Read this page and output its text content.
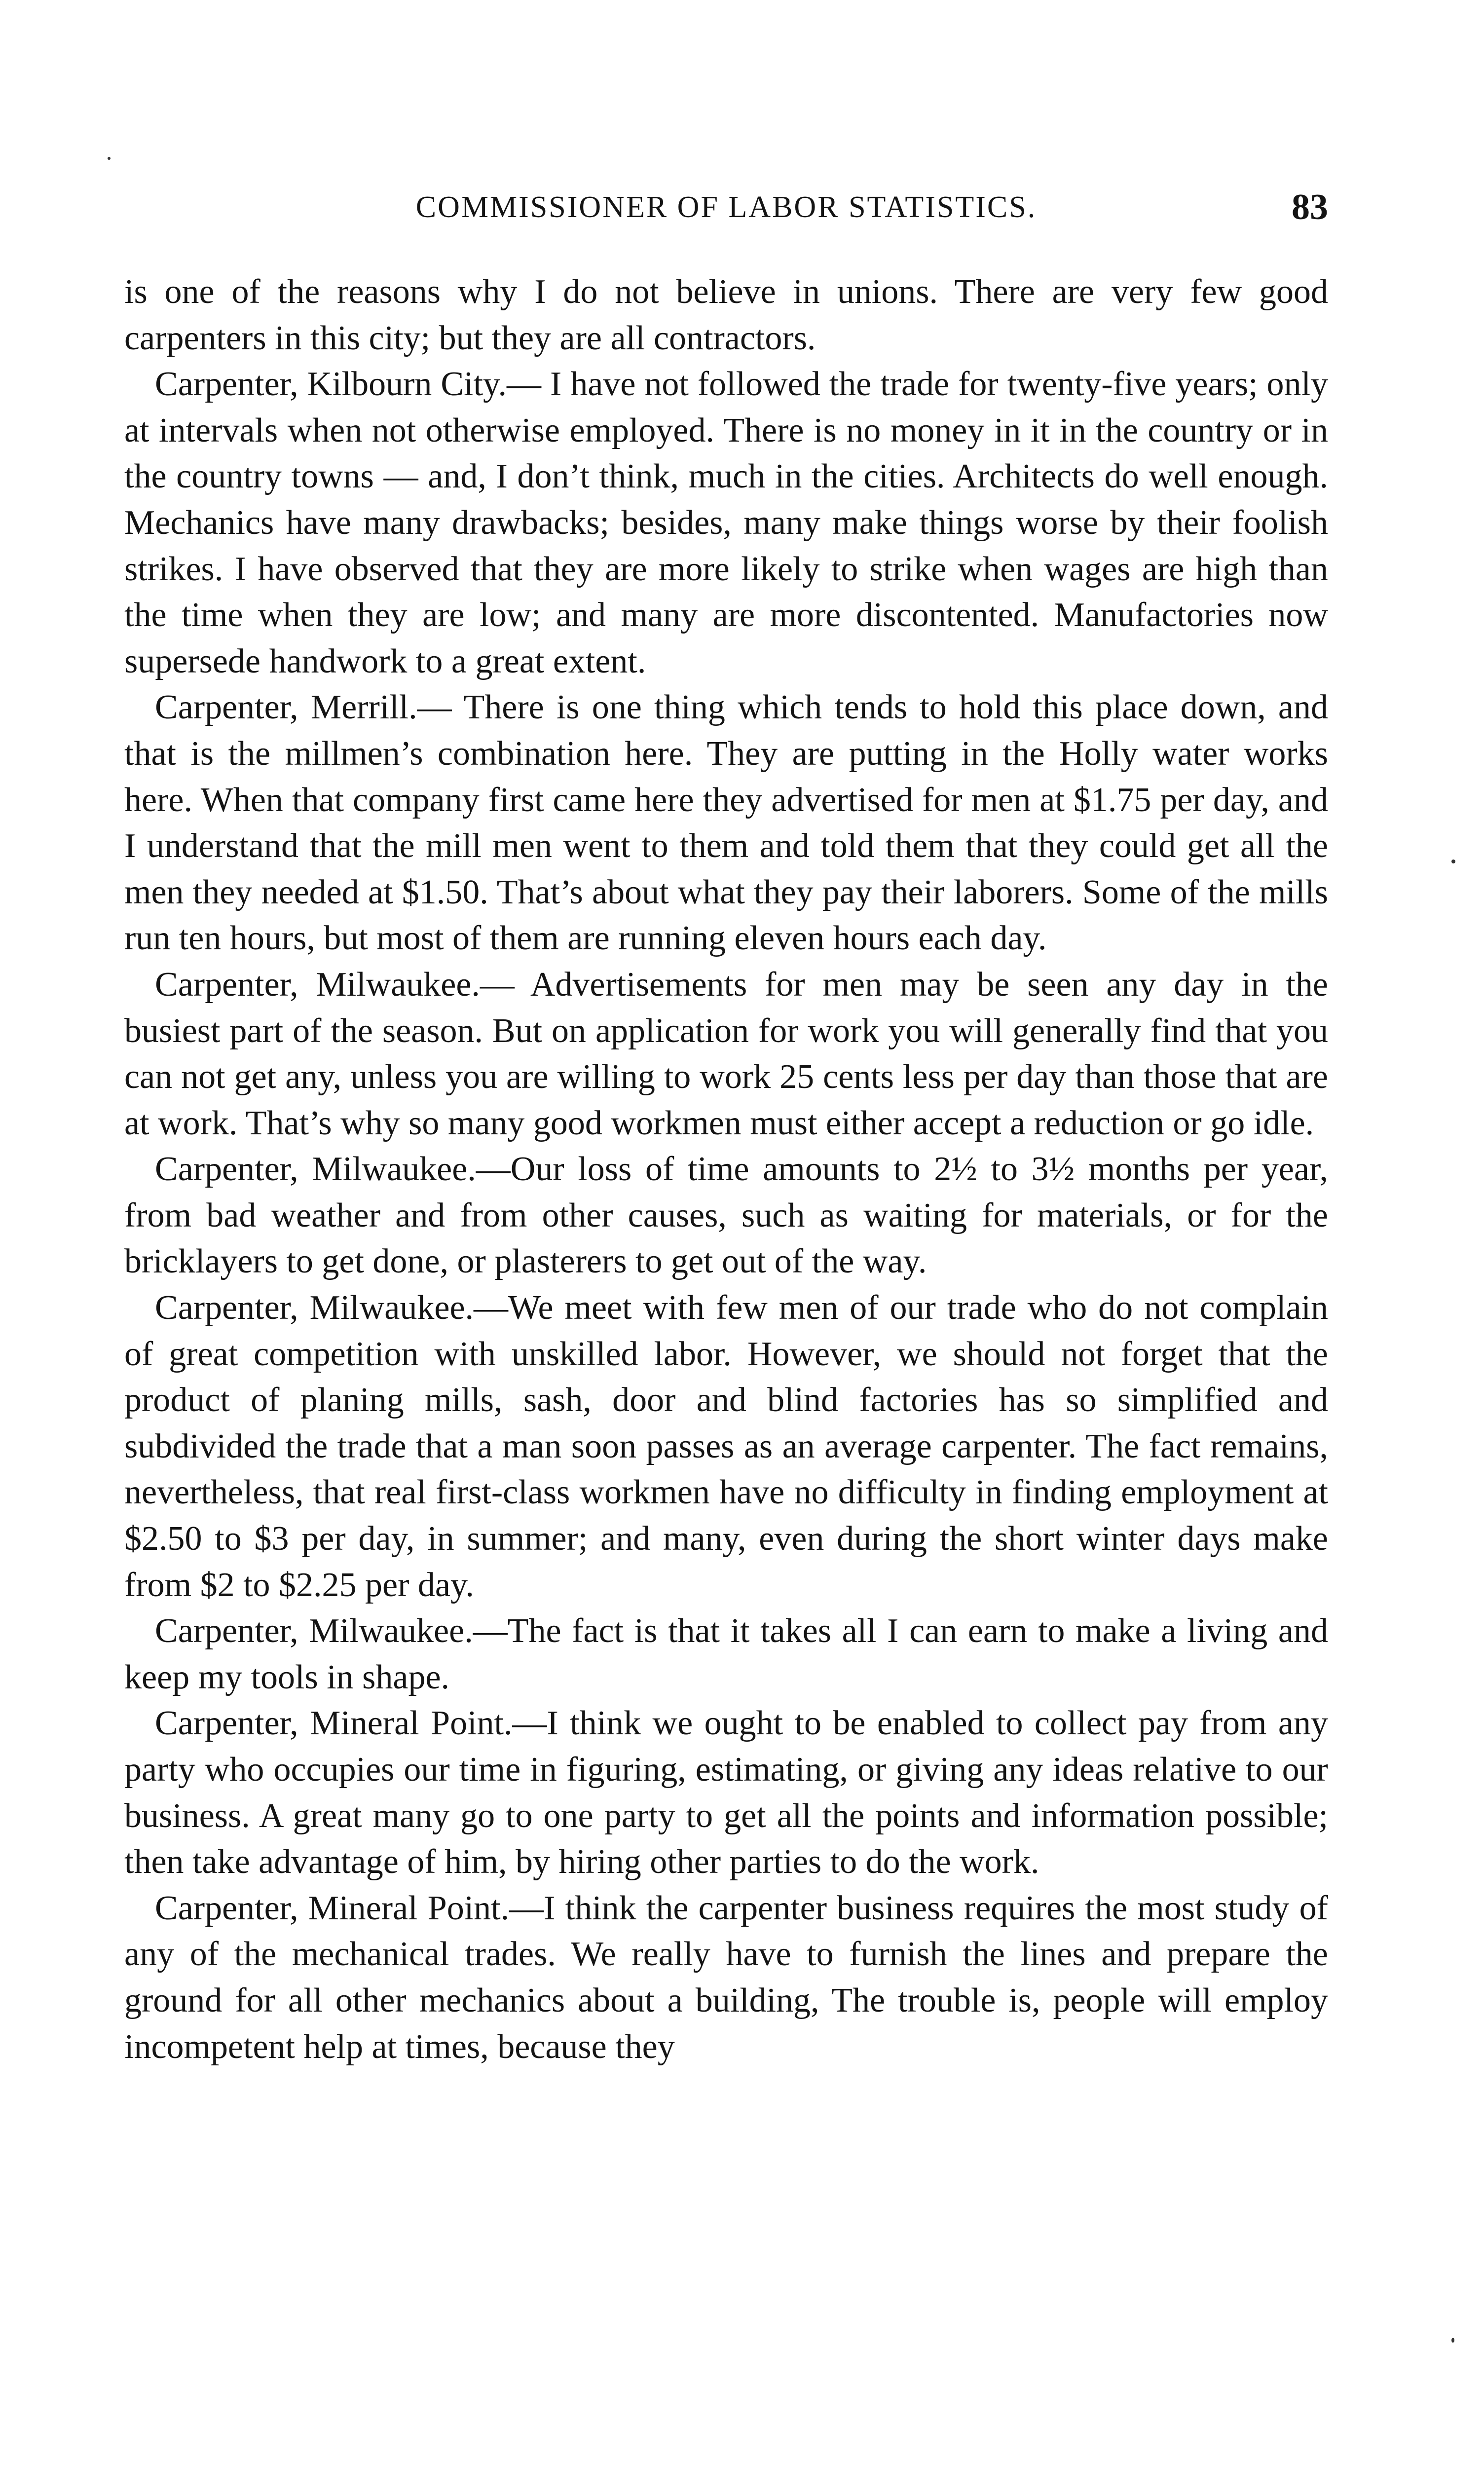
COMMISSIONER OF LABOR STATISTICS.	83

is one of the reasons why I do not believe in unions. There are very few good carpenters in this city; but they are all contractors.

Carpenter, Kilbourn City.— I have not followed the trade for twenty-five years; only at intervals when not otherwise employed. There is no money in it in the country or in the country towns — and, I don’t think, much in the cities. Architects do well enough. Mechanics have many drawbacks; besides, many make things worse by their foolish strikes. I have observed that they are more likely to strike when wages are high than the time when they are low; and many are more discontented. Manufactories now supersede handwork to a great extent.

Carpenter, Merrill.— There is one thing which tends to hold this place down, and that is the millmen’s combination here. They are putting in the Holly water works here. When that company first came here they advertised for men at $1.75 per day, and I understand that the mill men went to them and told them that they could get all the men they needed at $1.50. That’s about what they pay their laborers. Some of the mills run ten hours, but most of them are running eleven hours each day.

Carpenter, Milwaukee.— Advertisements for men may be seen any day in the busiest part of the season. But on application for work you will generally find that you can not get any, unless you are willing to work 25 cents less per day than those that are at work. That’s why so many good workmen must either accept a reduction or go idle.

Carpenter, Milwaukee.—Our loss of time amounts to 2½ to 3½ months per year, from bad weather and from other causes, such as waiting for materials, or for the bricklayers to get done, or plasterers to get out of the way.

Carpenter, Milwaukee.—We meet with few men of our trade who do not complain of great competition with unskilled labor. However, we should not forget that the product of planing mills, sash, door and blind factories has so simplified and subdivided the trade that a man soon passes as an average carpenter. The fact remains, nevertheless, that real first-class workmen have no difficulty in finding employment at $2.50 to $3 per day, in summer; and many, even during the short winter days make from $2 to $2.25 per day.

Carpenter, Milwaukee.—The fact is that it takes all I can earn to make a living and keep my tools in shape.

Carpenter, Mineral Point.—I think we ought to be enabled to collect pay from any party who occupies our time in figuring, estimating, or giving any ideas relative to our business. A great many go to one party to get all the points and information possible; then take advantage of him, by hiring other parties to do the work.

Carpenter, Mineral Point.—I think the carpenter business requires the most study of any of the mechanical trades. We really have to furnish the lines and prepare the ground for all other mechanics about a building, The trouble is, people will employ incompetent help at times, because they
